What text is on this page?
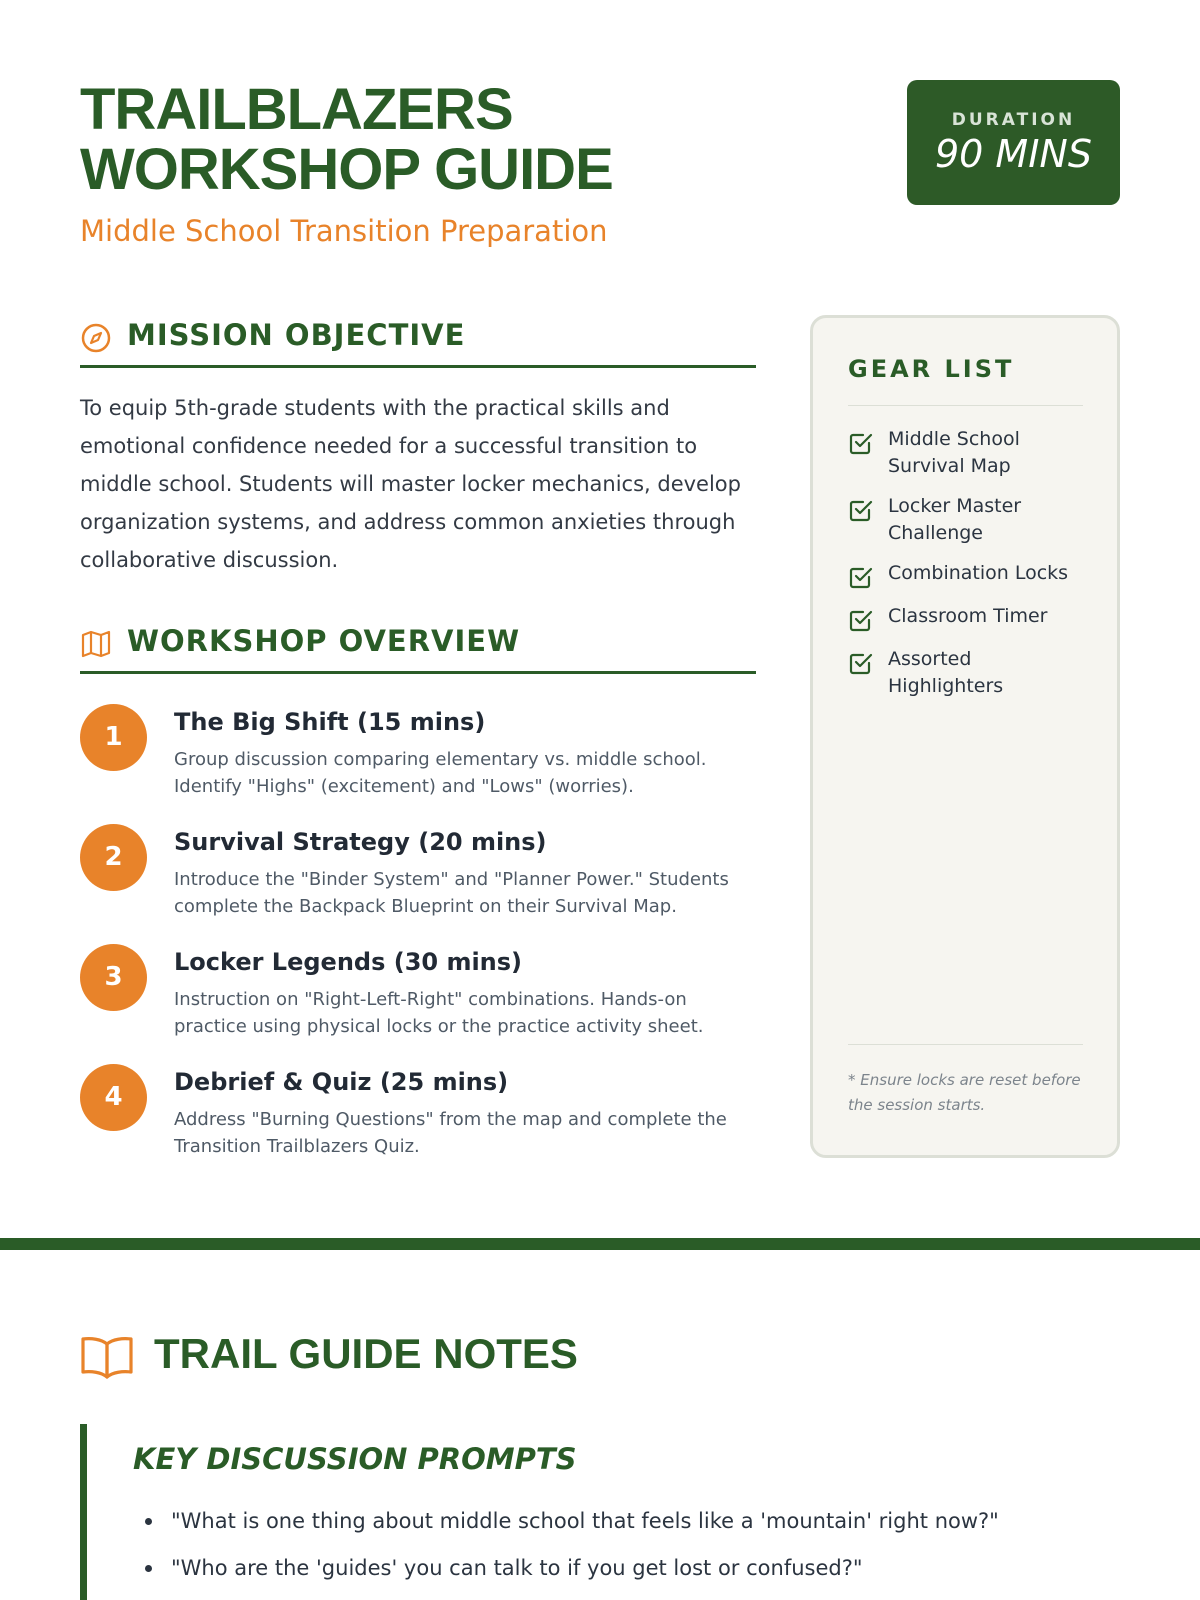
TRAILBLAZERS
WORKSHOP GUIDE
Middle School Transition Preparation
DURATION
90 MINS
MISSION OBJECTIVE

To equip 5th-grade students with the practical skills and emotional confidence needed for a successful transition to middle school. Students will master locker mechanics, develop organization systems, and address common anxieties through collaborative discussion.

WORKSHOP OVERVIEW
1	The Big Shift (15 mins)
Group discussion comparing elementary vs. middle school. Identify "Highs" (excitement) and "Lows" (worries).
2	Survival Strategy (20 mins)
Introduce the "Binder System" and "Planner Power." Students complete the Backpack Blueprint on their Survival Map.
3	Locker Legends (30 mins)
Instruction on "Right-Left-Right" combinations. Hands-on practice using physical locks or the practice activity sheet.
4	Debrief & Quiz (25 mins)
Address "Burning Questions" from the map and complete the Transition Trailblazers Quiz.
GEAR LIST
Middle School Survival Map
Locker Master Challenge
Combination Locks
Classroom Timer
Assorted Highlighters
* Ensure locks are reset before the session starts.
TRAIL GUIDE NOTES
KEY DISCUSSION PROMPTS
"What is one thing about middle school that feels like a 'mountain' right now?"
"Who are the 'guides' you can talk to if you get lost or confused?"
